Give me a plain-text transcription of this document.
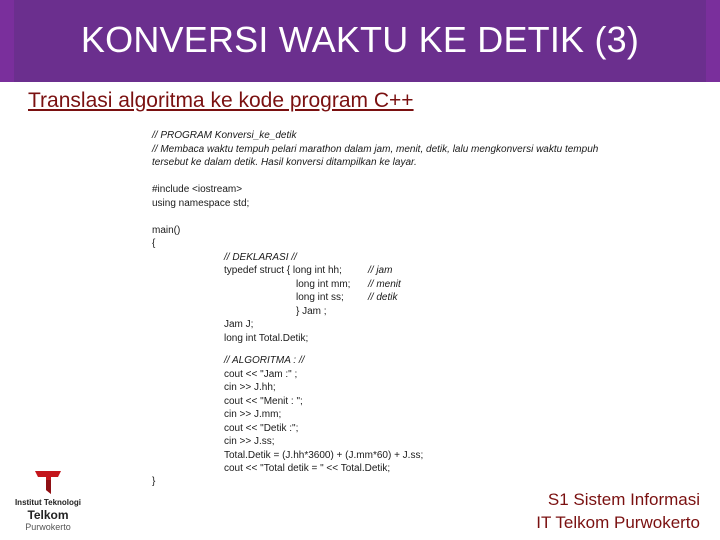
KONVERSI WAKTU KE DETIK (3)
Translasi algoritma ke kode program C++
// PROGRAM Konversi_ke_detik
// Membaca waktu tempuh pelari marathon dalam jam, menit, detik, lalu mengkonversi waktu tempuh
tersebut ke dalam detik. Hasil konversi ditampilkan ke layar.
#include <iostream>
using namespace std;
main()
{
// DEKLARASI //
typedef struct { long int hh;
long int mm;
long int ss;
} Jam ;
// jam
// menit
// detik
Jam J;
long int Total.Detik;
// ALGORITMA : //
cout << "Jam :" ;
cin >> J.hh;
cout << "Menit : ";
cin >> J.mm;
cout << "Detik :";
cin >> J.ss;
Total.Detik = (J.hh*3600) + (J.mm*60) + J.ss;
cout << "Total detik = " << Total.Detik;
}
Institut Teknologi
Telkom
Purwokerto
S1 Sistem Informasi
IT Telkom Purwokerto
